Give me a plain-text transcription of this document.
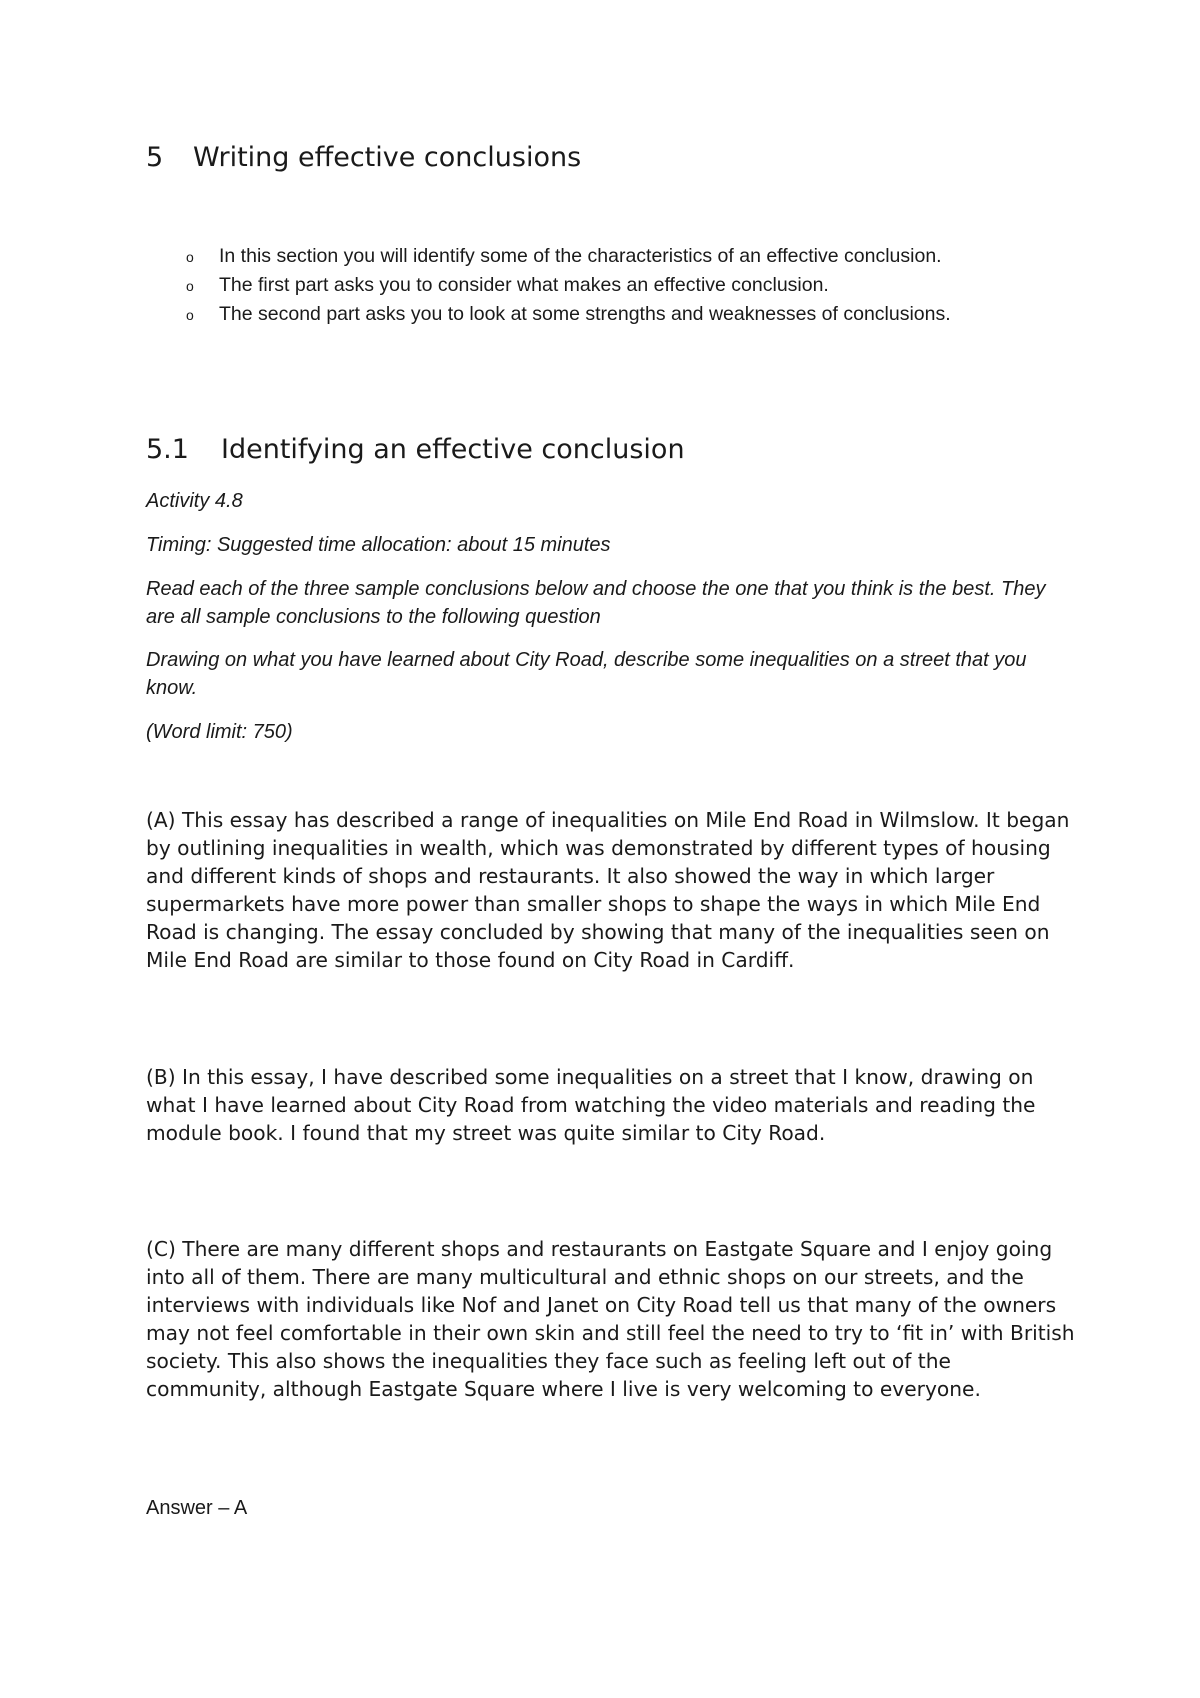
5 Writing effective conclusions
o In this section you will identify some of the characteristics of an effective conclusion.
o The first part asks you to consider what makes an effective conclusion.
o The second part asks you to look at some strengths and weaknesses of conclusions.
5.1 Identifying an effective conclusion

Activity 4.8

Timing: Suggested time allocation: about 15 minutes

Read each of the three sample conclusions below and choose the one that you think is the best. They are all sample conclusions to the following question

Drawing on what you have learned about City Road, describe some inequalities on a street that you know.

(Word limit: 750)

(A) This essay has described a range of inequalities on Mile End Road in Wilmslow. It began by outlining inequalities in wealth, which was demonstrated by different types of housing and different kinds of shops and restaurants. It also showed the way in which larger supermarkets have more power than smaller shops to shape the ways in which Mile End Road is changing. The essay concluded by showing that many of the inequalities seen on Mile End Road are similar to those found on City Road in Cardiff.

(B) In this essay, I have described some inequalities on a street that I know, drawing on what I have learned about City Road from watching the video materials and reading the module book. I found that my street was quite similar to City Road.

(C) There are many different shops and restaurants on Eastgate Square and I enjoy going into all of them. There are many multicultural and ethnic shops on our streets, and the interviews with individuals like Nof and Janet on City Road tell us that many of the owners may not feel comfortable in their own skin and still feel the need to try to ‘fit in’ with British society. This also shows the inequalities they face such as feeling left out of the community, although Eastgate Square where I live is very welcoming to everyone.

Answer – A
